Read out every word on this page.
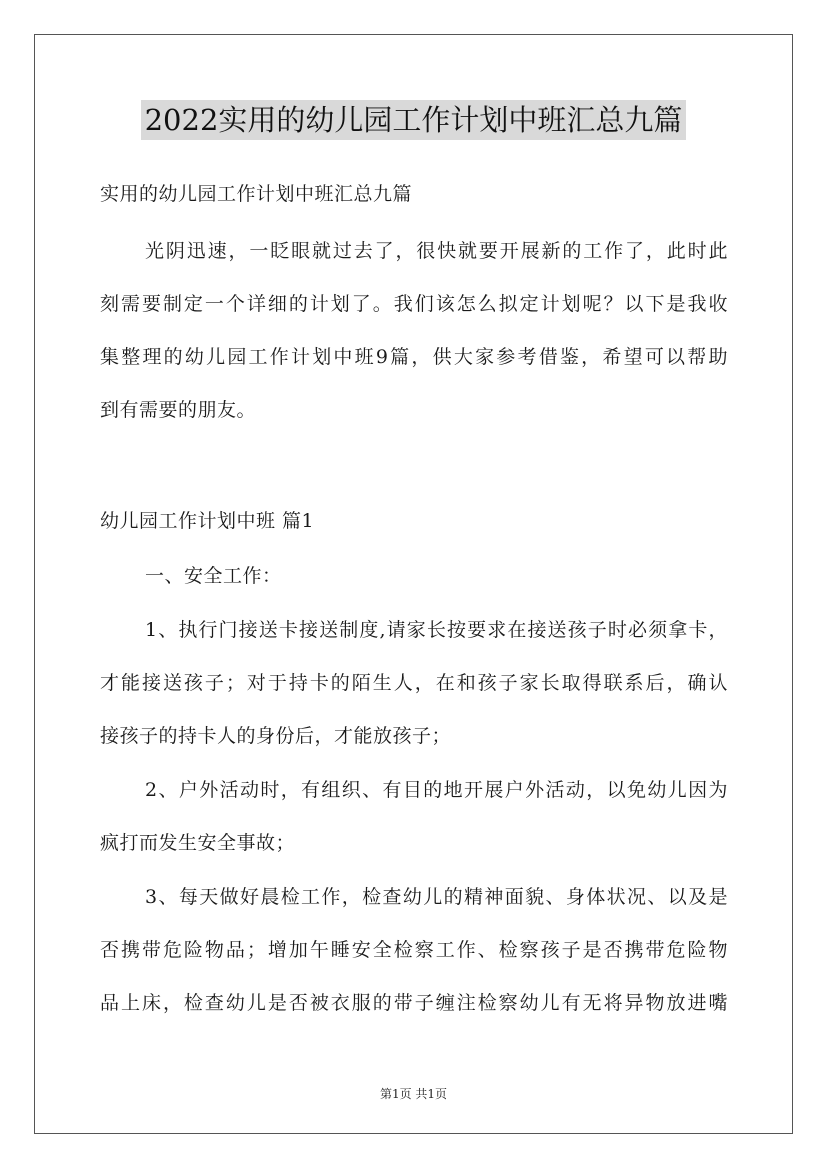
2022实用的幼儿园工作计划中班汇总九篇
实用的幼儿园工作计划中班汇总九篇
光阴迅速，一眨眼就过去了，很快就要开展新的工作了，此时此
刻需要制定一个详细的计划了。我们该怎么拟定计划呢？以下是我收
集整理的幼儿园工作计划中班9篇，供大家参考借鉴，希望可以帮助
到有需要的朋友。
幼儿园工作计划中班 篇1
一、安全工作：
1、执行门接送卡接送制度,请家长按要求在接送孩子时必须拿卡，
才能接送孩子；对于持卡的陌生人，在和孩子家长取得联系后，确认
接孩子的持卡人的身份后，才能放孩子；
2、户外活动时，有组织、有目的地开展户外活动，以免幼儿因为
疯打而发生安全事故；
3、每天做好晨检工作，检查幼儿的精神面貌、身体状况、以及是
否携带危险物品；增加午睡安全检察工作、检察孩子是否携带危险物
品上床，检查幼儿是否被衣服的带子缠注检察幼儿有无将异物放进嘴
第1页 共1页
